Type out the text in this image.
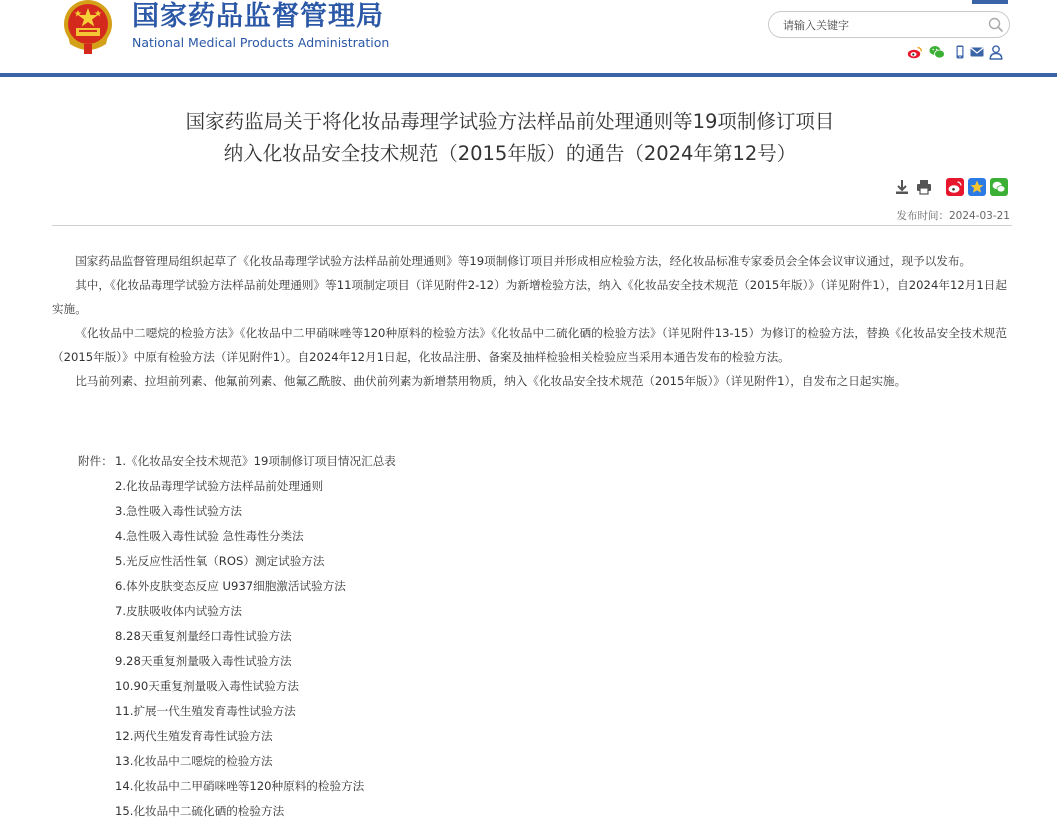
国家药品监督管理局
National Medical Products Administration
请输入关键字
国家药监局关于将化妆品毒理学试验方法样品前处理通则等19项制修订项目
纳入化妆品安全技术规范（2015年版）的通告（2024年第12号）
发布时间：2024-03-21

国家药品监督管理局组织起草了《化妆品毒理学试验方法样品前处理通则》等19项制修订项目并形成相应检验方法，经化妆品标准专家委员会全体会议审议通过，现予以发布。

其中，《化妆品毒理学试验方法样品前处理通则》等11项制定项目（详见附件2-12）为新增检验方法，纳入《化妆品安全技术规范（2015年版）》（详见附件1），自2024年12月1日起实施。

《化妆品中二噁烷的检验方法》《化妆品中二甲硝咪唑等120种原料的检验方法》《化妆品中二硫化硒的检验方法》（详见附件13-15）为修订的检验方法，替换《化妆品安全技术规范（2015年版）》中原有检验方法（详见附件1）。自2024年12月1日起，化妆品注册、备案及抽样检验相关检验应当采用本通告发布的检验方法。

比马前列素、拉坦前列素、他氟前列素、他氟乙酰胺、曲伏前列素为新增禁用物质，纳入《化妆品安全技术规范（2015年版）》（详见附件1），自发布之日起实施。

附件： 1.《化妆品安全技术规范》19项制修订项目情况汇总表
2.化妆品毒理学试验方法样品前处理通则
3.急性吸入毒性试验方法
4.急性吸入毒性试验 急性毒性分类法
5.光反应性活性氧（ROS）测定试验方法
6.体外皮肤变态反应 U937细胞激活试验方法
7.皮肤吸收体内试验方法
8.28天重复剂量经口毒性试验方法
9.28天重复剂量吸入毒性试验方法
10.90天重复剂量吸入毒性试验方法
11.扩展一代生殖发育毒性试验方法
12.两代生殖发育毒性试验方法
13.化妆品中二噁烷的检验方法
14.化妆品中二甲硝咪唑等120种原料的检验方法
15.化妆品中二硫化硒的检验方法
